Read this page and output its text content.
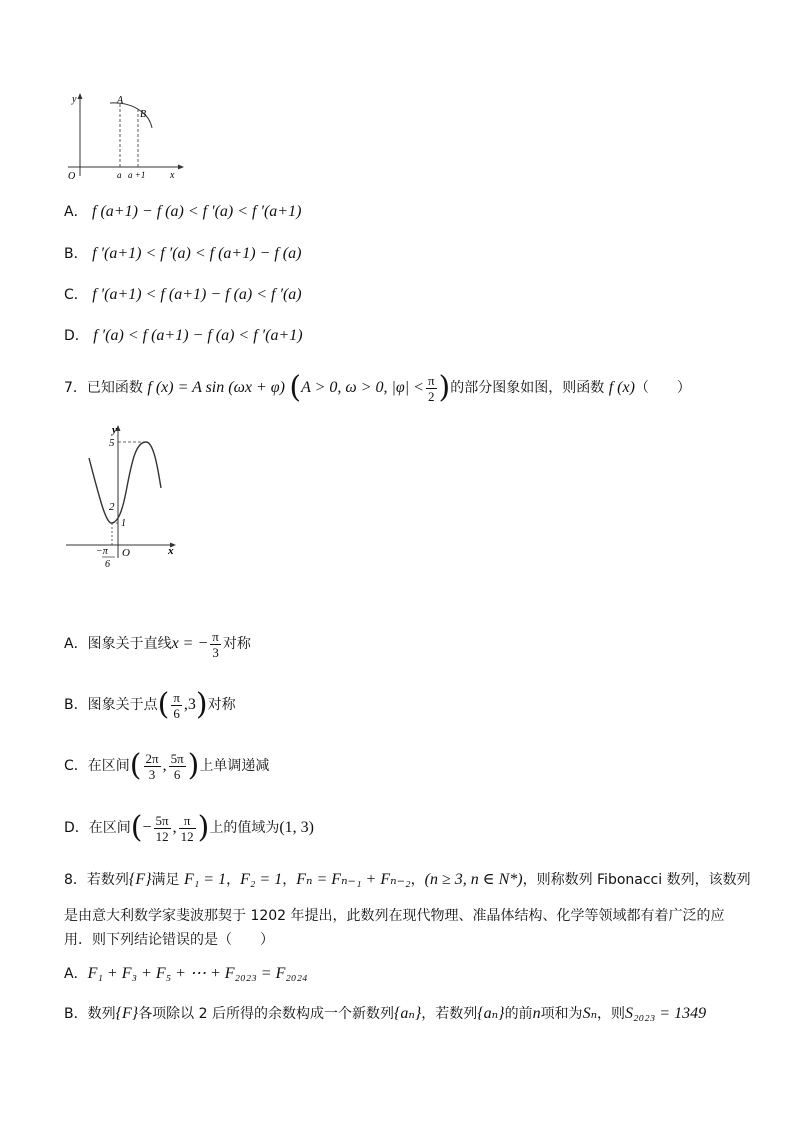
y
x
O
A
B
a a +1
A． f (a+1) − f (a) < f ′(a) < f ′(a+1)
B． f ′(a+1) < f ′(a) < f (a+1) − f (a)
C． f ′(a+1) < f (a+1) − f (a) < f ′(a)
D． f ′(a) < f (a+1) − f (a) < f ′(a+1)
7．已知函数 f (x) = A sin (ωx + φ) (A > 0, ω > 0, $|\varphi| < \frac{\pi}{2}$ )的部分图象如图，则函数 f (x)（　　）
y
x
O
5
2
1
−π
6
A．图象关于直线x = − $\frac{\pi}{3}$ 对称
B．图象关于点( $\frac{\pi}{6} ,3$)对称
C．在区间( $\frac{2\pi}{3}$ , $\frac{5\pi}{6}$ )上单调递减
D．在区间(− $\frac{5\pi}{12}$ , $\frac{\pi}{12}$ )上的值域为(1, 3)
8．若数列{F}满足 F₁ = 1，F₂ = 1，Fₙ = Fₙ₋₁ + Fₙ₋₂，(n ≥ 3, n ∈ N*)，则称数列 Fibonacci 数列，该数列
是由意大利数学家斐波那契于 1202 年提出，此数列在现代物理、准晶体结构、化学等领域都有着广泛的应
用．则下列结论错误的是（　　）
A．F₁ + F₃ + F₅ + ⋯ + F₂₀₂₃ = F₂₀₂₄
B．数列{F}各项除以 2 后所得的余数构成一个新数列{aₙ}，若数列{aₙ}的前n项和为Sₙ，则S₂₀₂₃ = 1349
